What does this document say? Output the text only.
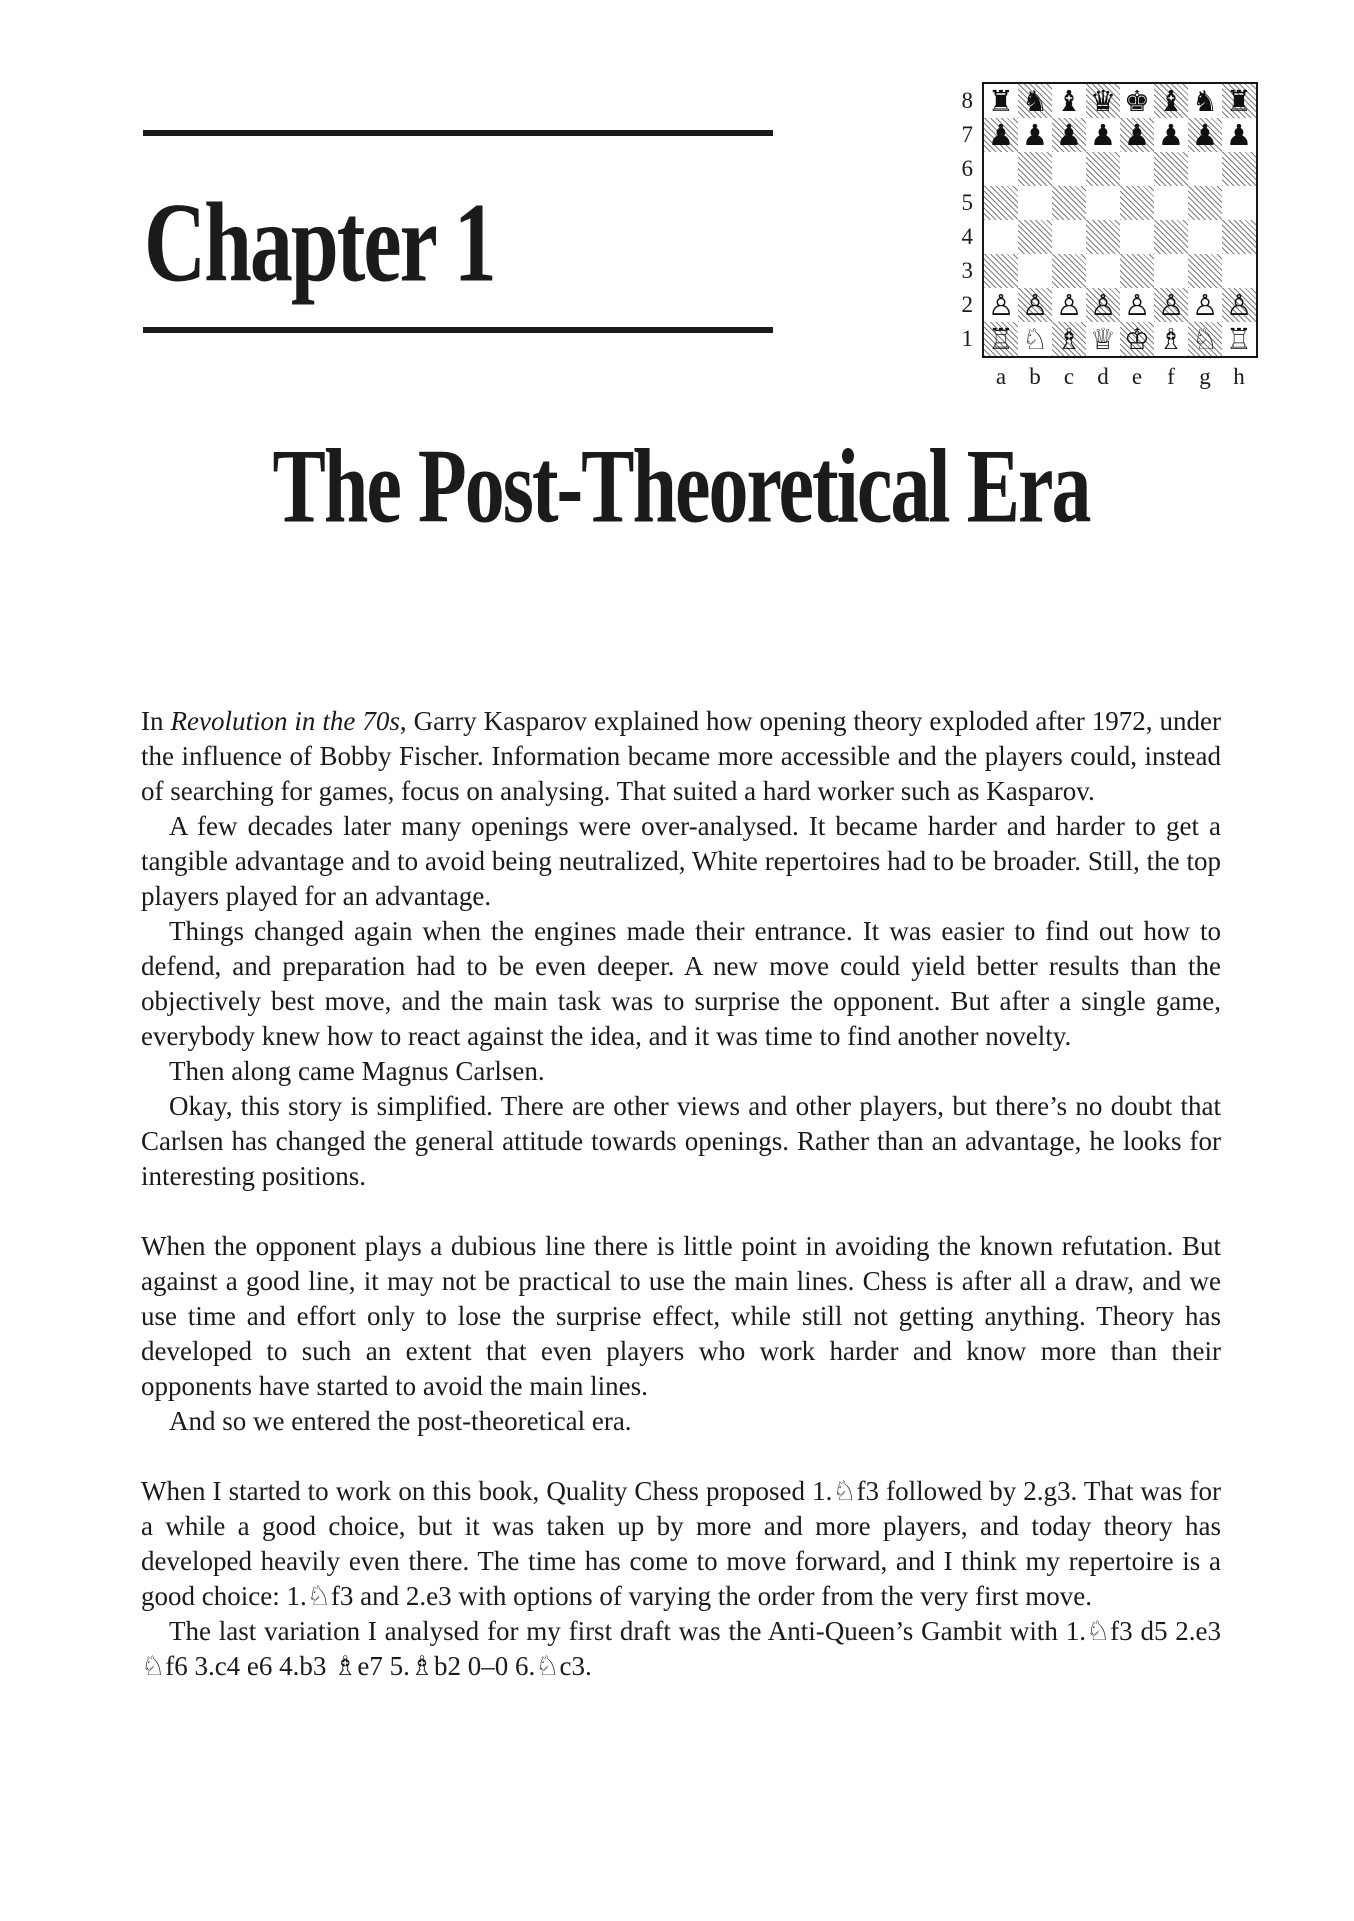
Chapter 1
8
7
6
5
4
3
2
1
♜ ♞ ♝ ♛ ♚ ♝ ♞ ♜
♟ ♟ ♟ ♟ ♟ ♟ ♟ ♟
♙ ♙ ♙ ♙ ♙ ♙ ♙ ♙
♖ ♘ ♗ ♕ ♔ ♗ ♘ ♖
a	b	c	d	e	f	g h
The Post-Theoretical Era

In Revolution in the 70s, Garry Kasparov explained how opening theory exploded after 1972, under the influence of Bobby Fischer. Information became more accessible and the players could, instead of searching for games, focus on analysing. That suited a hard worker such as Kasparov.

A few decades later many openings were over-analysed. It became harder and harder to get a tangible advantage and to avoid being neutralized, White repertoires had to be broader. Still, the top players played for an advantage.

Things changed again when the engines made their entrance. It was easier to find out how to defend, and preparation had to be even deeper. A new move could yield better results than the objectively best move, and the main task was to surprise the opponent. But after a single game, everybody knew how to react against the idea, and it was time to find another novelty.

Then along came Magnus Carlsen.

Okay, this story is simplified. There are other views and other players, but there’s no doubt that Carlsen has changed the general attitude towards openings. Rather than an advantage, he looks for interesting positions.

When the opponent plays a dubious line there is little point in avoiding the known refutation. But against a good line, it may not be practical to use the main lines. Chess is after all a draw, and we use time and effort only to lose the surprise effect, while still not getting anything. Theory has developed to such an extent that even players who work harder and know more than their opponents have started to avoid the main lines.

And so we entered the post-theoretical era.

When I started to work on this book, Quality Chess proposed 1.♘f3 followed by 2.g3. That was for a while a good choice, but it was taken up by more and more players, and today theory has developed heavily even there. The time has come to move forward, and I think my repertoire is a good choice: 1.♘f3 and 2.e3 with options of varying the order from the very first move.

The last variation I analysed for my first draft was the Anti-Queen’s Gambit with 1.♘f3 d5 2.e3 ♘f6 3.c4 e6 4.b3 ♗e7 5.♗b2 0–0 6.♘c3.
